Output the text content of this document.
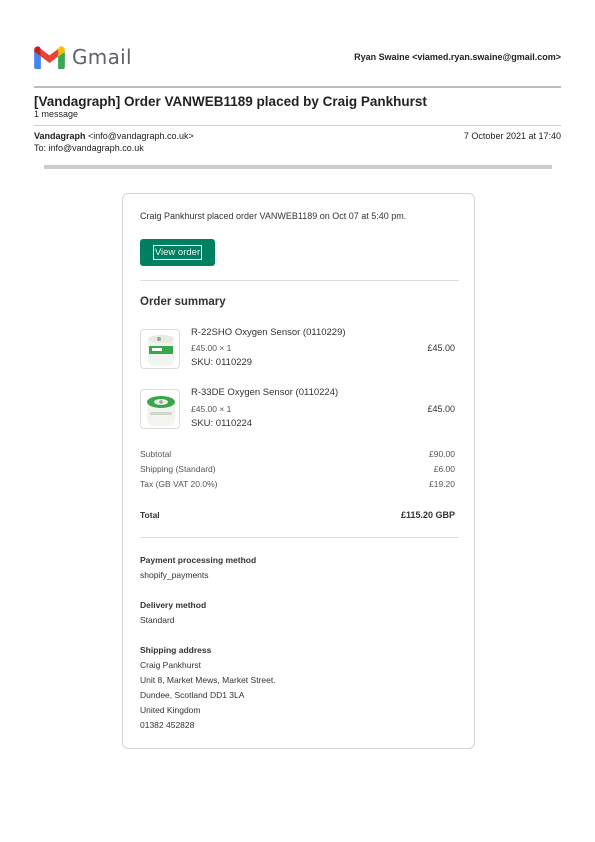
Gmail	Ryan Swaine <viamed.ryan.swaine@gmail.com>
[Vandagraph] Order VANWEB1189 placed by Craig Pankhurst
1 message
Vandagraph <info@vandagraph.co.uk>	7 October 2021 at 17:40
To: info@vandagraph.co.uk
Craig Pankhurst placed order VANWEB1189 on Oct 07 at 5:40 pm.
View order
Order summary
R-22SHO Oxygen Sensor (0110229)
£45.00 × 1
SKU: 0110229
£45.00
R-33DE Oxygen Sensor (0110224)
£45.00 × 1
SKU: 0110224
£45.00
Subtotal	£90.00
Shipping (Standard)	£6.00
Tax (GB VAT 20.0%)	£19.20
Total	£115.20 GBP
Payment processing method
shopify_payments
Delivery method
Standard
Shipping address
Craig Pankhurst
Unit 8, Market Mews, Market Street.
Dundee, Scotland DD1 3LA
United Kingdom
01382 452828
